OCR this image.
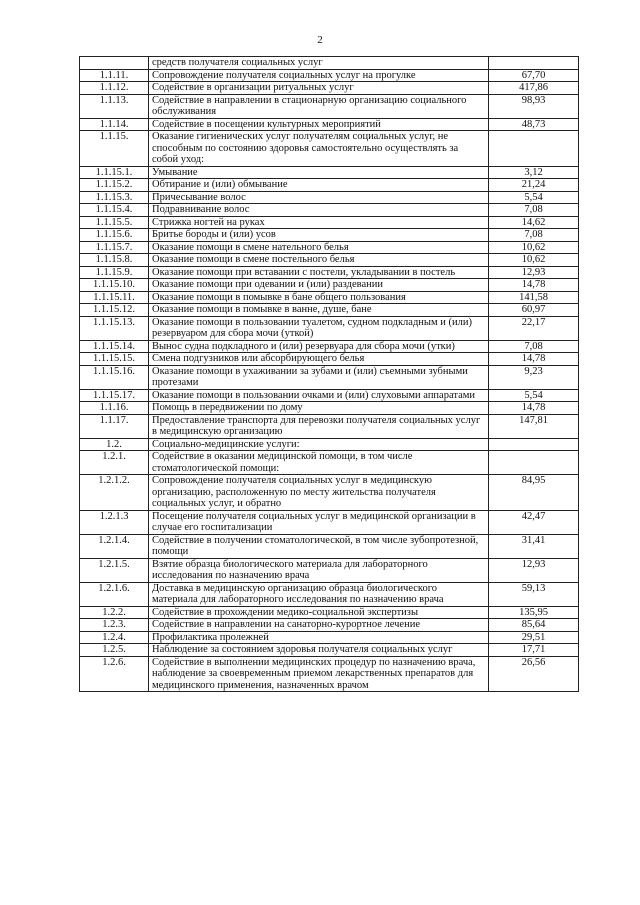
2
	средств получателя социальных услуг	
1.1.11.	Сопровождение получателя социальных услуг на прогулке	67,70
1.1.12.	Содействие в организации ритуальных услуг	417,86
1.1.13.	Содействие в направлении в стационарную организацию социального обслуживания	98,93
1.1.14.	Содействие в посещении культурных мероприятий	48,73
1.1.15.	Оказание гигиенических услуг получателям социальных услуг, не способным по состоянию здоровья самостоятельно осуществлять за собой уход:	
1.1.15.1.	Умывание	3,12
1.1.15.2.	Обтирание и (или) обмывание	21,24
1.1.15.3.	Причесывание волос	5,54
1.1.15.4.	Подравнивание волос	7,08
1.1.15.5.	Стрижка ногтей на руках	14,62
1.1.15.6.	Бритье бороды и (или) усов	7,08
1.1.15.7.	Оказание помощи в смене нательного белья	10,62
1.1.15.8.	Оказание помощи в смене постельного белья	10,62
1.1.15.9.	Оказание помощи при вставании с постели, укладывании в постель	12,93
1.1.15.10.	Оказание помощи при одевании и (или) раздевании	14,78
1.1.15.11.	Оказание помощи в помывке в бане общего пользования	141,58
1.1.15.12.	Оказание помощи в помывке в ванне, душе, бане	60,97
1.1.15.13.	Оказание помощи в пользовании туалетом, судном подкладным и (или) резервуаром для сбора мочи (уткой)	22,17
1.1.15.14.	Вынос судна подкладного и (или) резервуара для сбора мочи (утки)	7,08
1.1.15.15.	Смена подгузников или абсорбирующего белья	14,78
1.1.15.16.	Оказание помощи в ухаживании за зубами и (или) съемными зубными протезами	9,23
1.1.15.17.	Оказание помощи в пользовании очками и (или) слуховыми аппаратами	5,54
1.1.16.	Помощь в передвижении по дому	14,78
1.1.17.	Предоставление транспорта для перевозки получателя социальных услуг в медицинскую организацию	147,81
1.2.	Социально-медицинские услуги:	
1.2.1.	Содействие в оказании медицинской помощи, в том числе стоматологической помощи:	
1.2.1.2.	Сопровождение получателя социальных услуг в медицинскую организацию, расположенную по месту жительства получателя социальных услуг, и обратно	84,95
1.2.1.3	Посещение получателя социальных услуг в медицинской организации в случае его госпитализации	42,47
1.2.1.4.	Содействие в получении стоматологической, в том числе зубопротезной, помощи	31,41
1.2.1.5.	Взятие образца биологического материала для лабораторного исследования по назначению врача	12,93
1.2.1.6.	Доставка в медицинскую организацию образца биологического материала для лабораторного исследования по назначению врача	59,13
1.2.2.	Содействие в прохождении медико-социальной экспертизы	135,95
1.2.3.	Содействие в направлении на санаторно-курортное лечение	85,64
1.2.4.	Профилактика пролежней	29,51
1.2.5.	Наблюдение за состоянием здоровья получателя социальных услуг	17,71
1.2.6.	Содействие в выполнении медицинских процедур по назначению врача, наблюдение за своевременным приемом лекарственных препаратов для медицинского применения, назначенных врачом	26,56
